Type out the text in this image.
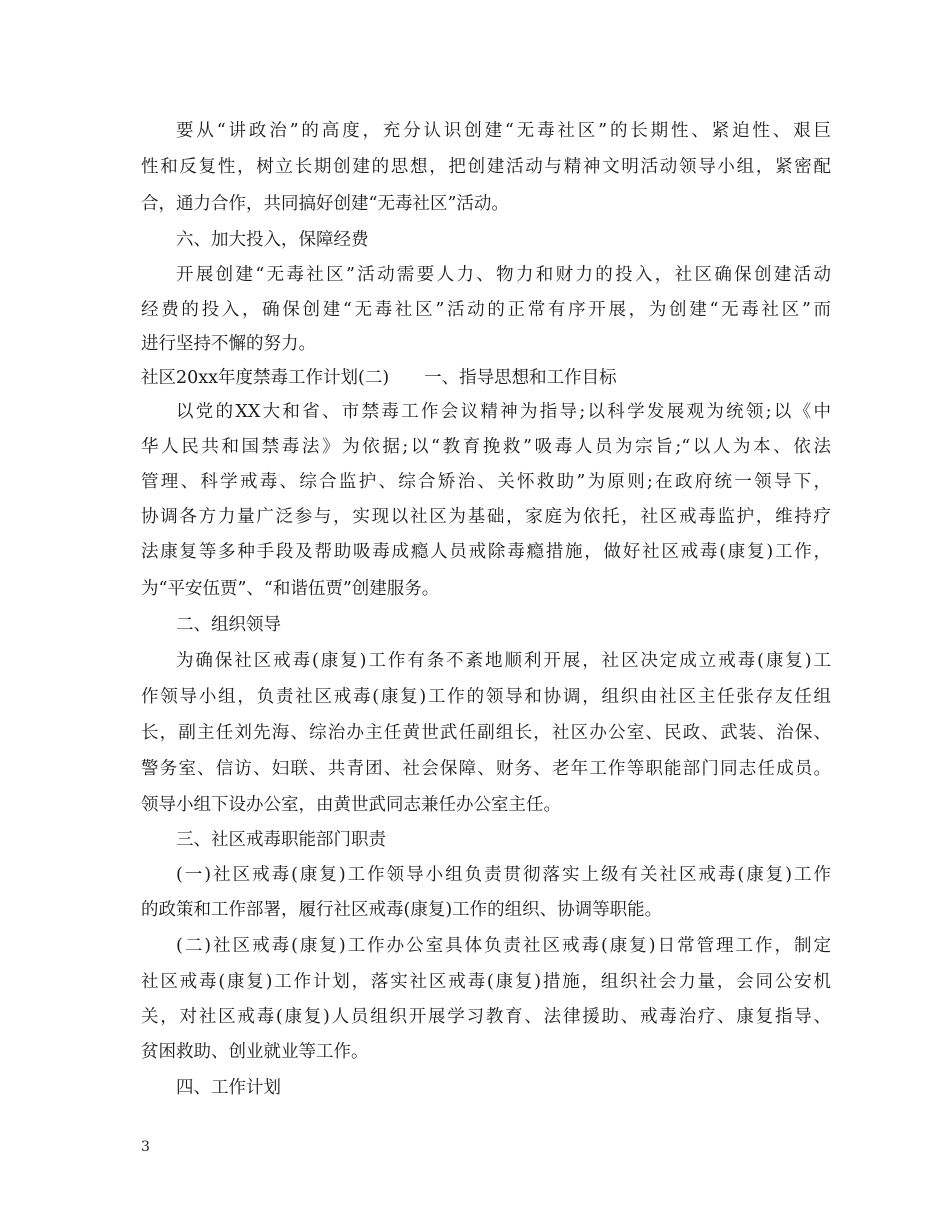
要从“讲政治”的高度，充分认识创建“无毒社区”的长期性、紧迫性、艰巨
性和反复性，树立长期创建的思想，把创建活动与精神文明活动领导小组，紧密配
合，通力合作，共同搞好创建“无毒社区”活动。
六、加大投入，保障经费
开展创建“无毒社区”活动需要人力、物力和财力的投入，社区确保创建活动
经费的投入，确保创建“无毒社区”活动的正常有序开展，为创建“无毒社区”而
进行坚持不懈的努力。
社区20xx年度禁毒工作计划(二)　　一、指导思想和工作目标
以党的XX大和省、市禁毒工作会议精神为指导;以科学发展观为统领;以《中
华人民共和国禁毒法》为依据;以“教育挽救”吸毒人员为宗旨;“以人为本、依法
管理、科学戒毒、综合监护、综合矫治、关怀救助”为原则;在政府统一领导下，
协调各方力量广泛参与，实现以社区为基础，家庭为依托，社区戒毒监护，维持疗
法康复等多种手段及帮助吸毒成瘾人员戒除毒瘾措施，做好社区戒毒(康复)工作，
为“平安伍贾”、“和谐伍贾”创建服务。
二、组织领导
为确保社区戒毒(康复)工作有条不紊地顺利开展，社区决定成立戒毒(康复)工
作领导小组，负责社区戒毒(康复)工作的领导和协调，组织由社区主任张存友任组
长，副主任刘先海、综治办主任黄世武任副组长，社区办公室、民政、武装、治保、
警务室、信访、妇联、共青团、社会保障、财务、老年工作等职能部门同志任成员。
领导小组下设办公室，由黄世武同志兼任办公室主任。
三、社区戒毒职能部门职责
(一)社区戒毒(康复)工作领导小组负责贯彻落实上级有关社区戒毒(康复)工作
的政策和工作部署，履行社区戒毒(康复)工作的组织、协调等职能。
(二)社区戒毒(康复)工作办公室具体负责社区戒毒(康复)日常管理工作，制定
社区戒毒(康复)工作计划，落实社区戒毒(康复)措施，组织社会力量，会同公安机
关，对社区戒毒(康复)人员组织开展学习教育、法律援助、戒毒治疗、康复指导、
贫困救助、创业就业等工作。
四、工作计划
3
